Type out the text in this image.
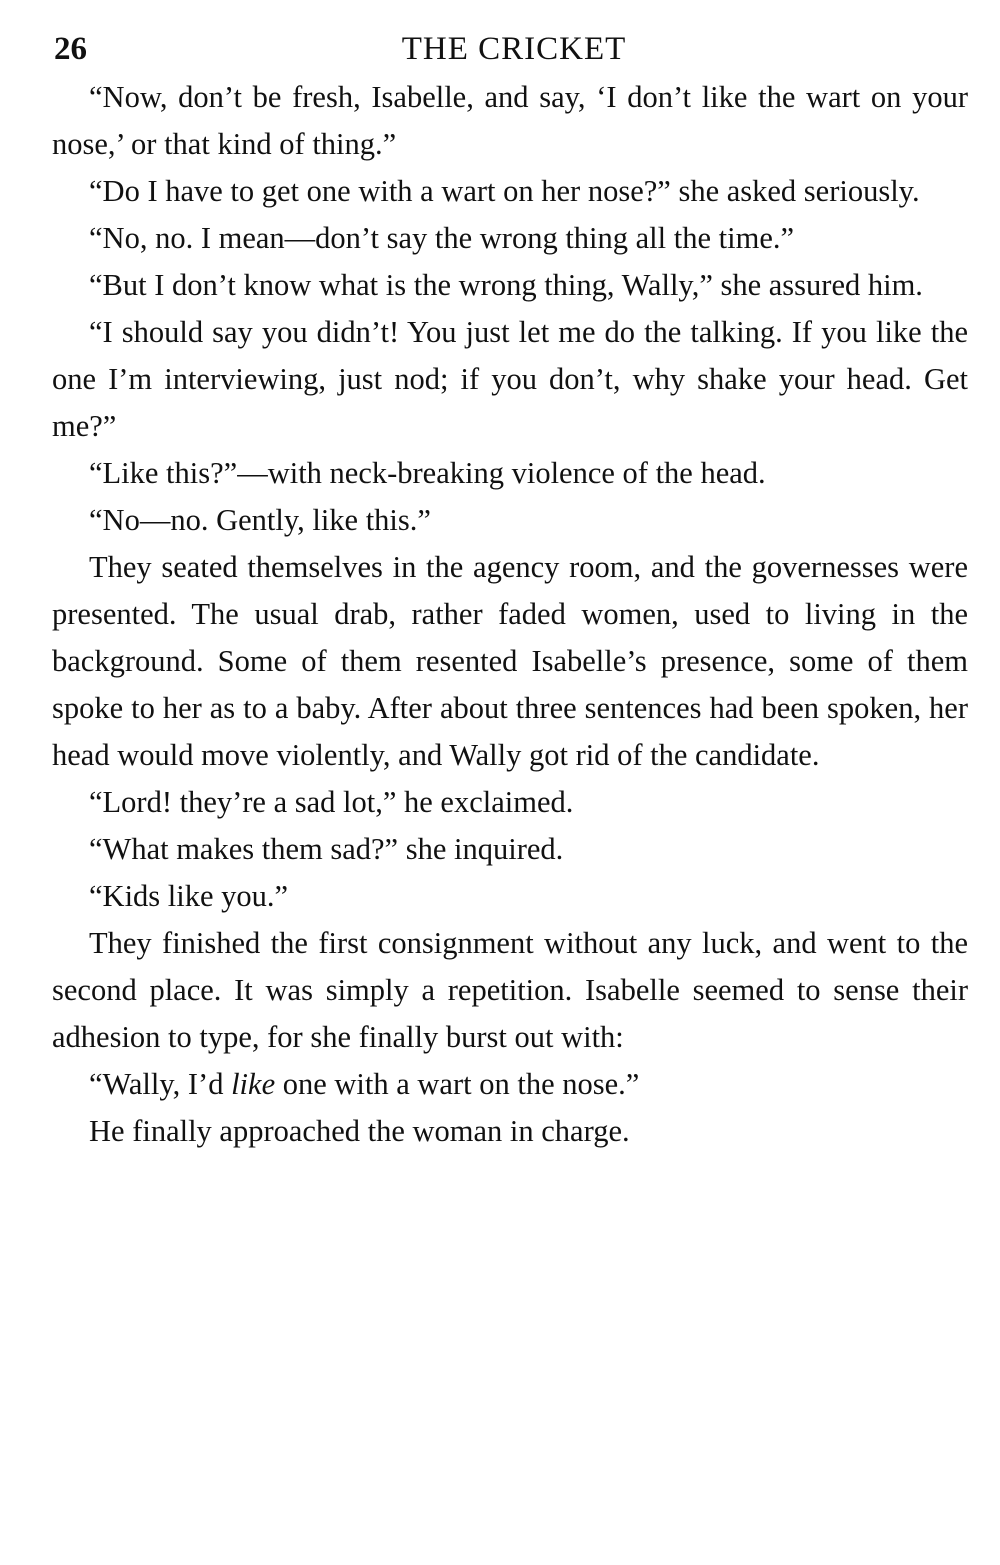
26	THE CRICKET

“Now, don’t be fresh, Isabelle, and say, ‘I don’t like the wart on your nose,’ or that kind of thing.”

“Do I have to get one with a wart on her nose?” she asked seriously.

“No, no. I mean—don’t say the wrong thing all the time.”

“But I don’t know what is the wrong thing, Wally,” she assured him.

“I should say you didn’t! You just let me do the talking. If you like the one I’m interviewing, just nod; if you don’t, why shake your head. Get me?”

“Like this?”—with neck-breaking violence of the head.

“No—no. Gently, like this.”

They seated themselves in the agency room, and the governesses were presented. The usual drab, rather faded women, used to living in the background. Some of them resented Isabelle’s presence, some of them spoke to her as to a baby. After about three sentences had been spoken, her head would move violently, and Wally got rid of the candidate.

“Lord! they’re a sad lot,” he exclaimed.

“What makes them sad?” she inquired.

“Kids like you.”

They finished the first consignment without any luck, and went to the second place. It was simply a repetition. Isabelle seemed to sense their adhesion to type, for she finally burst out with:

“Wally, I’d like one with a wart on the nose.”

He finally approached the woman in charge.
